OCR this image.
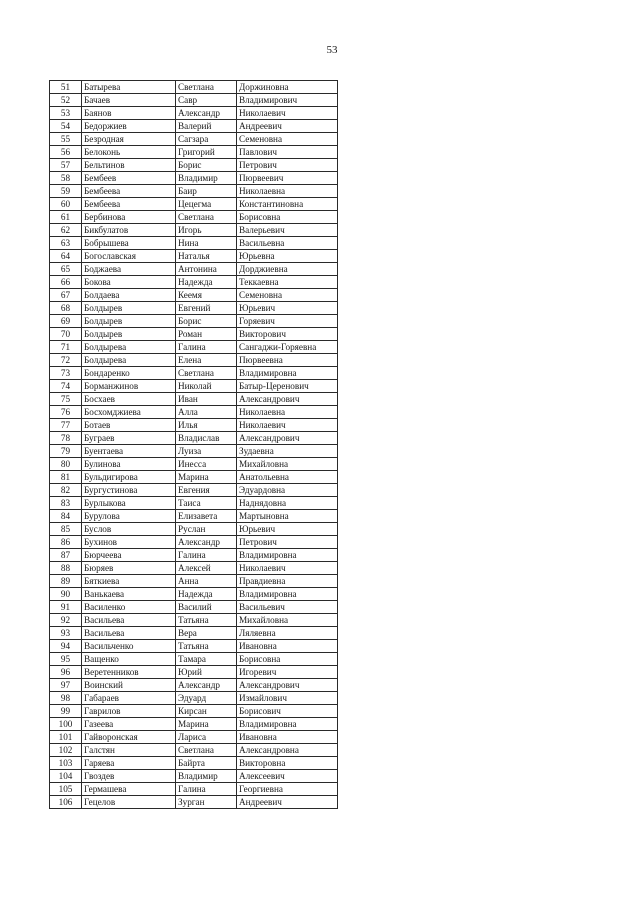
53
51	Батырева	Светлана	Доржиновна
52	Бачаев	Савр	Владимирович
53	Баянов	Александр	Николаевич
54	Бедоржиев	Валерий	Андреевич
55	Безродная	Сагзара	Семеновна
56	Белоконь	Григорий	Павлович
57	Бельтинов	Борис	Петрович
58	Бембеев	Владимир	Пюрвеевич
59	Бембеева	Баир	Николаевна
60	Бембеева	Цецегма	Константиновна
61	Бербинова	Светлана	Борисовна
62	Бикбулатов	Игорь	Валерьевич
63	Бобрышева	Нина	Васильевна
64	Богославская	Наталья	Юрьевна
65	Боджаева	Антонина	Дорджиевна
66	Бокова	Надежда	Теккаевна
67	Болдаева	Кеемя	Семеновна
68	Болдырев	Евгений	Юрьевич
69	Болдырев	Борис	Горяевич
70	Болдырев	Роман	Викторович
71	Болдырева	Галина	Сангаджи-Горяевна
72	Болдырева	Елена	Пюрвеевна
73	Бондаренко	Светлана	Владимировна
74	Борманжинов	Николай	Батыр-Церенович
75	Босхаев	Иван	Александрович
76	Босхомджиева	Алла	Николаевна
77	Ботаев	Илья	Николаевич
78	Буграев	Владислав	Александрович
79	Буентаева	Луиза	Зудаевна
80	Булинова	Инесса	Михайловна
81	Бульдигирова	Марина	Анатольевна
82	Бургустинова	Евгения	Эдуардовна
83	Бурлыкова	Таиса	Наднядовна
84	Бурулова	Елизавета	Мартыновна
85	Буслов	Руслан	Юрьевич
86	Бухинов	Александр	Петрович
87	Бюрчеева	Галина	Владимировна
88	Бюряев	Алексей	Николаевич
89	Бяткиева	Анна	Правдиевна
90	Ванькаева	Надежда	Владимировна
91	Василенко	Василий	Васильевич
92	Васильева	Татьяна	Михайловна
93	Васильева	Вера	Ляляевна
94	Васильченко	Татьяна	Ивановна
95	Ващенко	Тамара	Борисовна
96	Веретенников	Юрий	Игоревич
97	Воинский	Александр	Александрович
98	Габараев	Эдуард	Измайлович
99	Гаврилов	Кирсан	Борисович
100	Газеева	Марина	Владимировна
101	Гайворонская	Лариса	Ивановна
102	Галстян	Светлана	Александровна
103	Гаряева	Байрта	Викторовна
104	Гвоздев	Владимир	Алексеевич
105	Гермашева	Галина	Георгиевна
106	Гецелов	Зурган	Андреевич
